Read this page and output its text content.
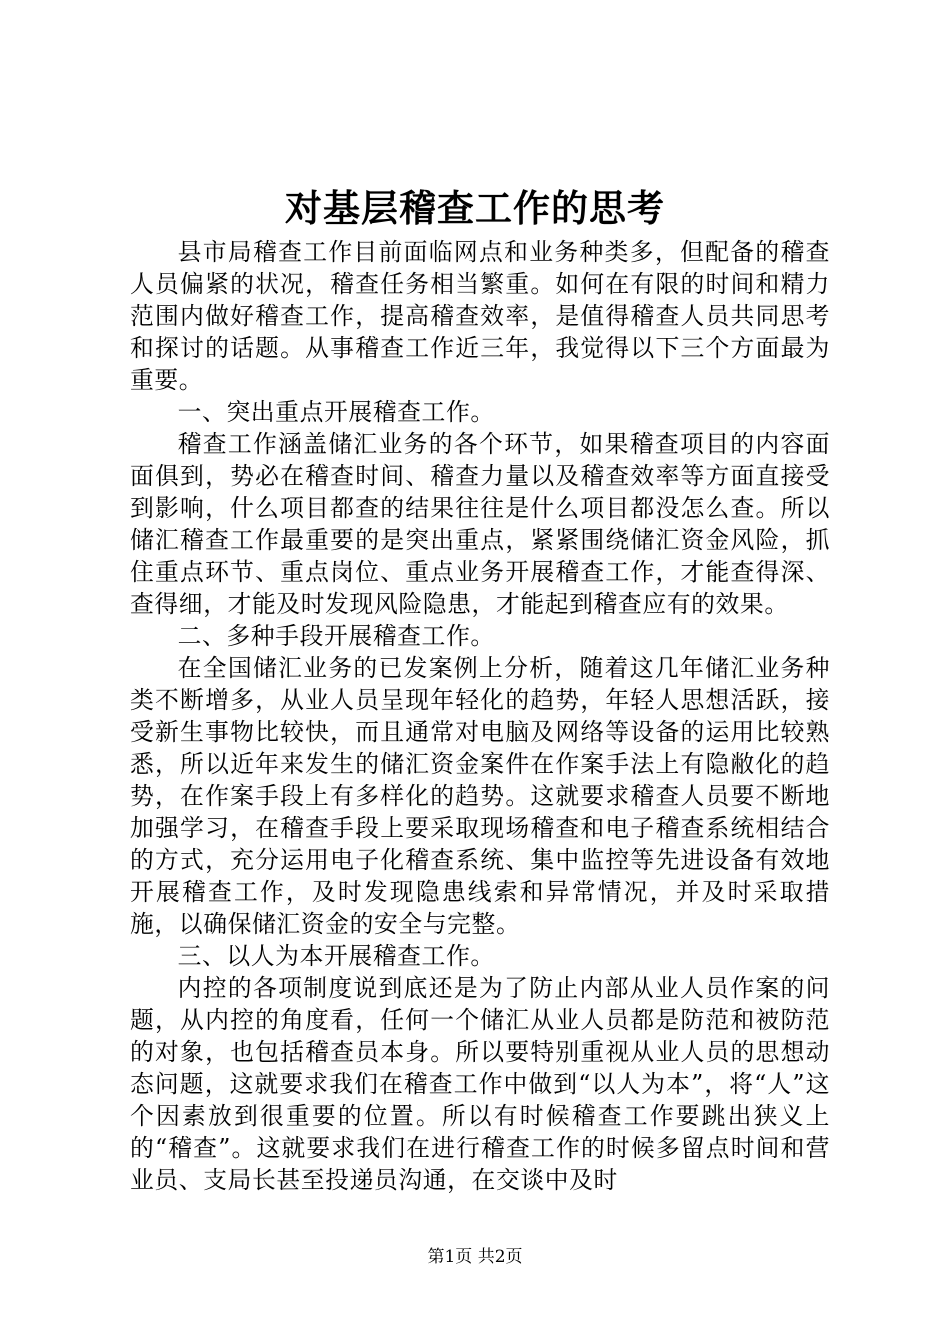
对基层稽查工作的思考

县市局稽查工作目前面临网点和业务种类多，但配备的稽查人员偏紧的状况，稽查任务相当繁重。如何在有限的时间和精力范围内做好稽查工作，提高稽查效率，是值得稽查人员共同思考和探讨的话题。从事稽查工作近三年，我觉得以下三个方面最为重要。

一、突出重点开展稽查工作。

稽查工作涵盖储汇业务的各个环节，如果稽查项目的内容面面俱到，势必在稽查时间、稽查力量以及稽查效率等方面直接受到影响，什么项目都查的结果往往是什么项目都没怎么查。所以储汇稽查工作最重要的是突出重点，紧紧围绕储汇资金风险，抓住重点环节、重点岗位、重点业务开展稽查工作，才能查得深、查得细，才能及时发现风险隐患，才能起到稽查应有的效果。

二、多种手段开展稽查工作。

在全国储汇业务的已发案例上分析，随着这几年储汇业务种类不断增多，从业人员呈现年轻化的趋势，年轻人思想活跃，接受新生事物比较快，而且通常对电脑及网络等设备的运用比较熟悉，所以近年来发生的储汇资金案件在作案手法上有隐敝化的趋势，在作案手段上有多样化的趋势。这就要求稽查人员要不断地加强学习，在稽查手段上要采取现场稽查和电子稽查系统相结合的方式，充分运用电子化稽查系统、集中监控等先进设备有效地开展稽查工作，及时发现隐患线索和异常情况，并及时采取措施，以确保储汇资金的安全与完整。

三、以人为本开展稽查工作。

内控的各项制度说到底还是为了防止内部从业人员作案的问题，从内控的角度看，任何一个储汇从业人员都是防范和被防范的对象，也包括稽查员本身。所以要特别重视从业人员的思想动态问题，这就要求我们在稽查工作中做到“以人为本”，将“人”这个因素放到很重要的位置。所以有时候稽查工作要跳出狭义上的“稽查”。这就要求我们在进行稽查工作的时候多留点时间和营业员、支局长甚至投递员沟通，在交谈中及时

第1页 共2页
